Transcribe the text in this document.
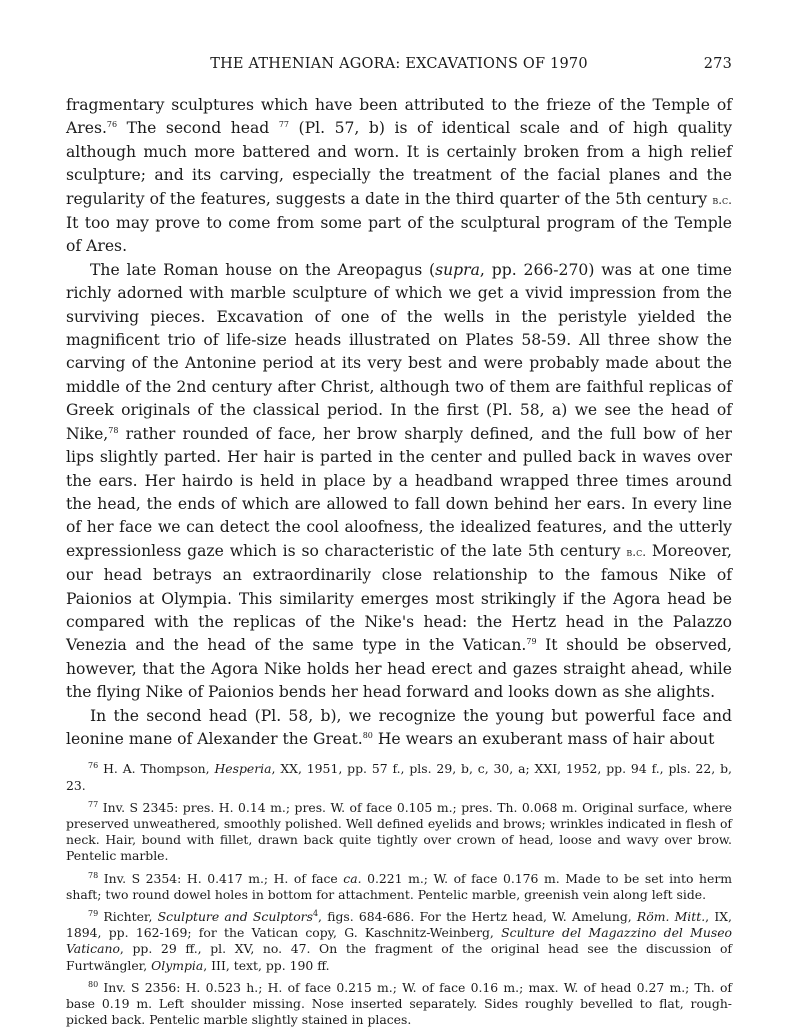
THE ATHENIAN AGORA: EXCAVATIONS OF 1970	273

fragmentary sculptures which have been attributed to the frieze of the Temple of Ares.$^{76}$ The second head $^{77}$ (Pl. 57, b) is of identical scale and of high quality although much more battered and worn. It is certainly broken from a high relief sculpture; and its carving, especially the treatment of the facial planes and the regularity of the features, suggests a date in the third quarter of the 5th century b.c. It too may prove to come from some part of the sculptural program of the Temple of Ares.

The late Roman house on the Areopagus (supra, pp. 266-270) was at one time richly adorned with marble sculpture of which we get a vivid impression from the surviving pieces. Excavation of one of the wells in the peristyle yielded the magnificent trio of life-size heads illustrated on Plates 58-59. All three show the carving of the Antonine period at its very best and were probably made about the middle of the 2nd century after Christ, although two of them are faithful replicas of Greek originals of the classical period. In the first (Pl. 58, a) we see the head of Nike,$^{78}$ rather rounded of face, her brow sharply defined, and the full bow of her lips slightly parted. Her hair is parted in the center and pulled back in waves over the ears. Her hairdo is held in place by a headband wrapped three times around the head, the ends of which are allowed to fall down behind her ears. In every line of her face we can detect the cool aloofness, the idealized features, and the utterly expressionless gaze which is so characteristic of the late 5th century b.c. Moreover, our head betrays an extraordinarily close relationship to the famous Nike of Paionios at Olympia. This similarity emerges most strikingly if the Agora head be compared with the replicas of the Nike's head: the Hertz head in the Palazzo Venezia and the head of the same type in the Vatican.$^{79}$ It should be observed, however, that the Agora Nike holds her head erect and gazes straight ahead, while the flying Nike of Paionios bends her head forward and looks down as she alights.

In the second head (Pl. 58, b), we recognize the young but powerful face and leonine mane of Alexander the Great.$^{80}$ He wears an exuberant mass of hair about

$^{76}$ H. A. Thompson, Hesperia, XX, 1951, pp. 57 f., pls. 29, b, c, 30, a; XXI, 1952, pp. 94 f., pls. 22, b, 23.

$^{77}$ Inv. S 2345: pres. H. 0.14 m.; pres. W. of face 0.105 m.; pres. Th. 0.068 m. Original surface, where preserved unweathered, smoothly polished. Well defined eyelids and brows; wrinkles indicated in flesh of neck. Hair, bound with fillet, drawn back quite tightly over crown of head, loose and wavy over brow. Pentelic marble.

$^{78}$ Inv. S 2354: H. 0.417 m.; H. of face ca. 0.221 m.; W. of face 0.176 m. Made to be set into herm shaft; two round dowel holes in bottom for attachment. Pentelic marble, greenish vein along left side.

$^{79}$ Richter, Sculpture and Sculptors$^4$, figs. 684-686. For the Hertz head, W. Amelung, Röm. Mitt., IX, 1894, pp. 162-169; for the Vatican copy, G. Kaschnitz-Weinberg, Sculture del Magazzino del Museo Vaticano, pp. 29 ff., pl. XV, no. 47. On the fragment of the original head see the discussion of Furtwängler, Olympia, III, text, pp. 190 ff.

$^{80}$ Inv. S 2356: H. 0.523 h.; H. of face 0.215 m.; W. of face 0.16 m.; max. W. of head 0.27 m.; Th. of base 0.19 m. Left shoulder missing. Nose inserted separately. Sides roughly bevelled to flat, rough-picked back. Pentelic marble slightly stained in places.
